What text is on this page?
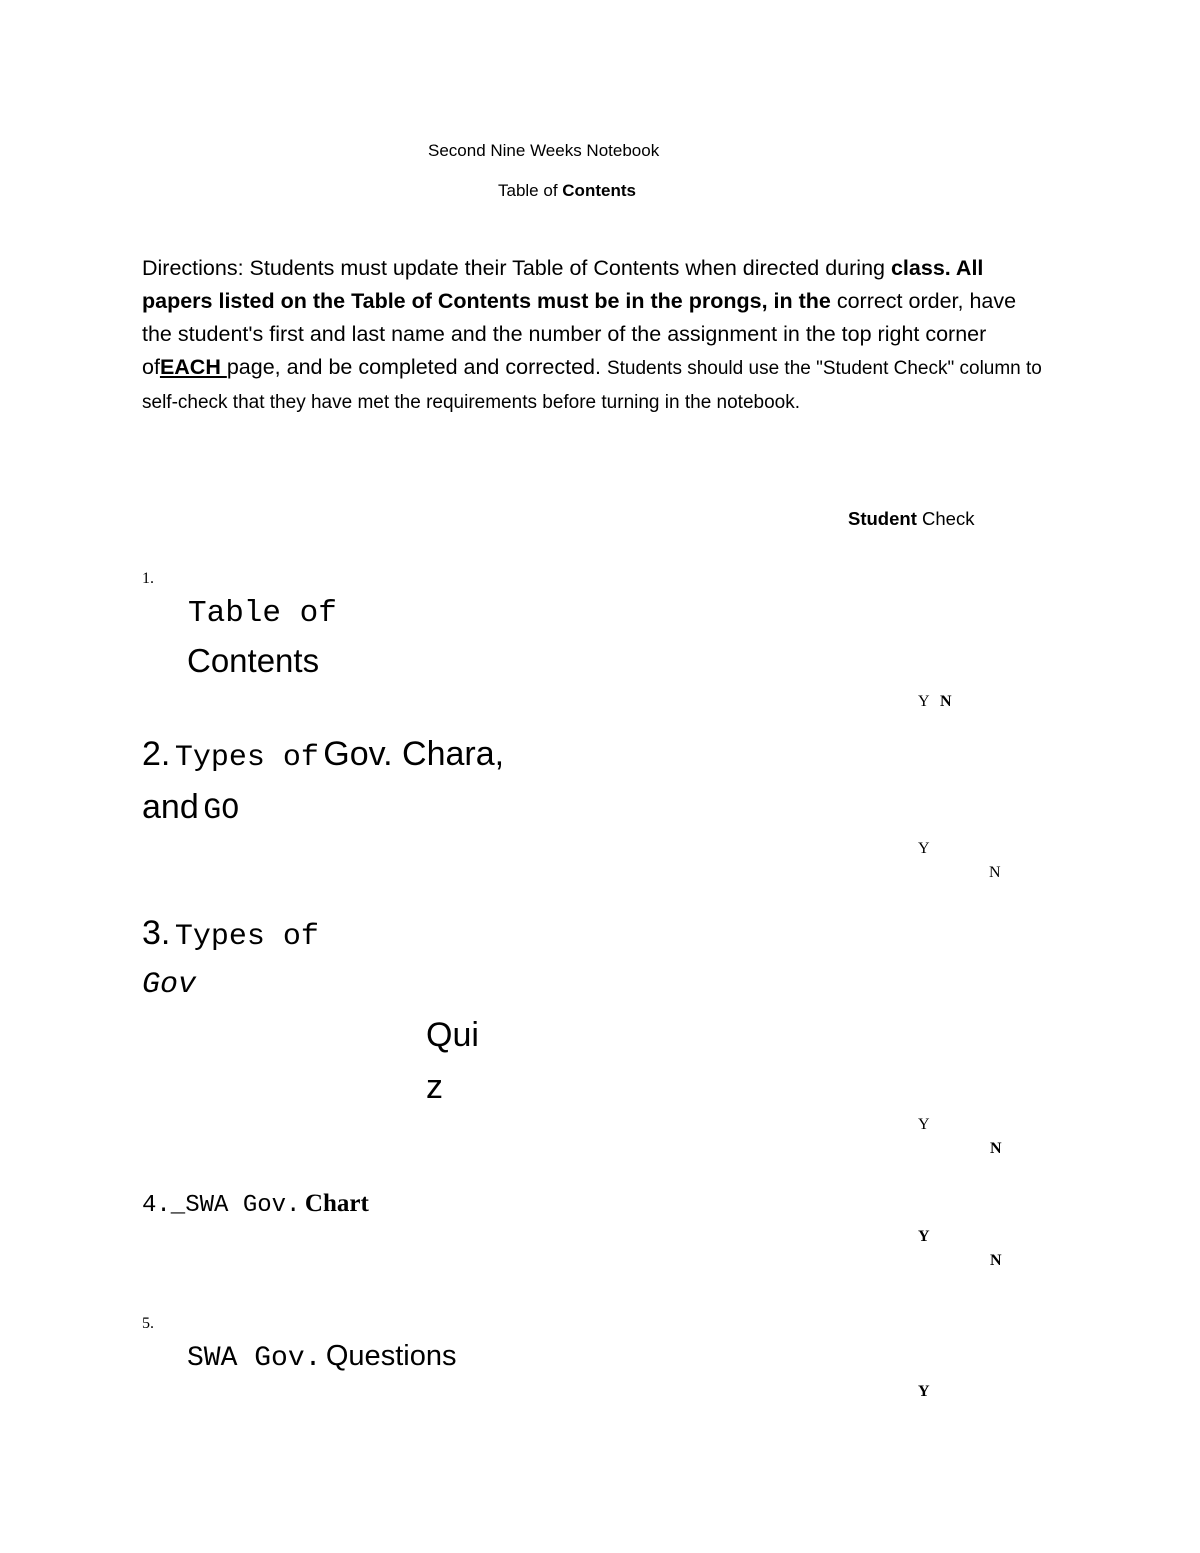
Second Nine Weeks Notebook
Table of Contents
Directions: Students must update their Table of Contents when directed during class. All papers listed on the Table of Contents must be in the prongs, in the correct order, have the student's first and last name and the number of the assignment in the top right corner ofEACH page, and be completed and corrected. Students should use the "Student Check" column to self-check that they have met the requirements before turning in the notebook.
Student Check
1.
Table of
Contents
Y N
2. Types of Gov. Chara,
and GO
Y
N
3. Types of
Gov
Qui
z
Y
N
4._SWA Gov. Chart
Y
N
5.
SWA Gov. Questions
Y
